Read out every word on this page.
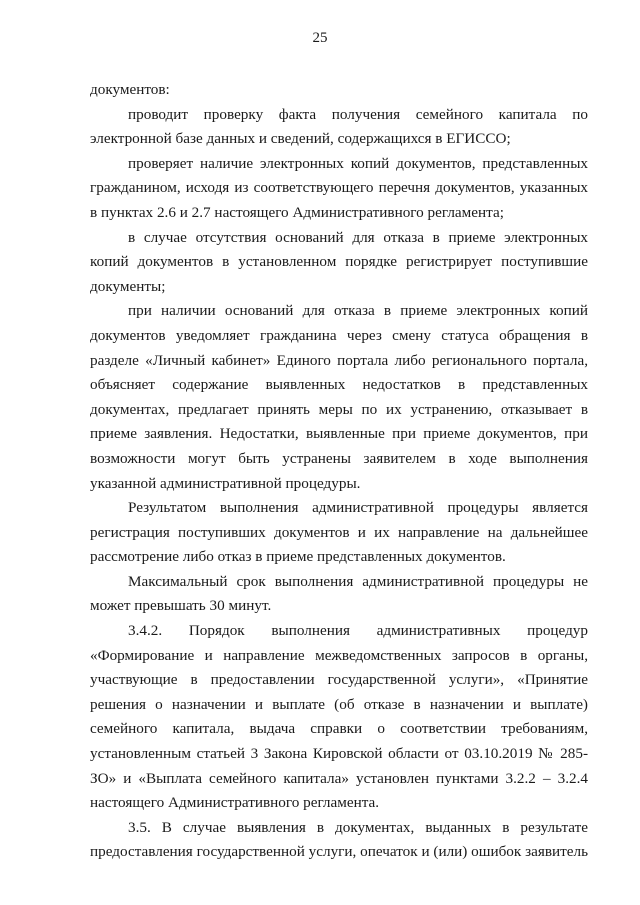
25

документов:

проводит проверку факта получения семейного капитала по электронной базе данных и сведений, содержащихся в ЕГИССО;

проверяет наличие электронных копий документов, представленных гражданином, исходя из соответствующего перечня документов, указанных в пунктах 2.6 и 2.7 настоящего Административного регламента;

в случае отсутствия оснований для отказа в приеме электронных копий документов в установленном порядке регистрирует поступившие документы;

при наличии оснований для отказа в приеме электронных копий документов уведомляет гражданина через смену статуса обращения в разделе «Личный кабинет» Единого портала либо регионального портала, объясняет содержание выявленных недостатков в представленных документах, предлагает принять меры по их устранению, отказывает в приеме заявления. Недостатки, выявленные при приеме документов, при возможности могут быть устранены заявителем в ходе выполнения указанной административной процедуры.

Результатом выполнения административной процедуры является регистрация поступивших документов и их направление на дальнейшее рассмотрение либо отказ в приеме представленных документов.

Максимальный срок выполнения административной процедуры не может превышать 30 минут.

3.4.2. Порядок выполнения административных процедур «Формирование и направление межведомственных запросов в органы, участвующие в предоставлении государственной услуги», «Принятие решения о назначении и выплате (об отказе в назначении и выплате) семейного капитала, выдача справки о соответствии требованиям, установленным статьей 3 Закона Кировской области от 03.10.2019 № 285-ЗО» и «Выплата семейного капитала» установлен пунктами 3.2.2 – 3.2.4 настоящего Административного регламента.

3.5. В случае выявления в документах, выданных в результате предоставления государственной услуги, опечаток и (или) ошибок заявитель
